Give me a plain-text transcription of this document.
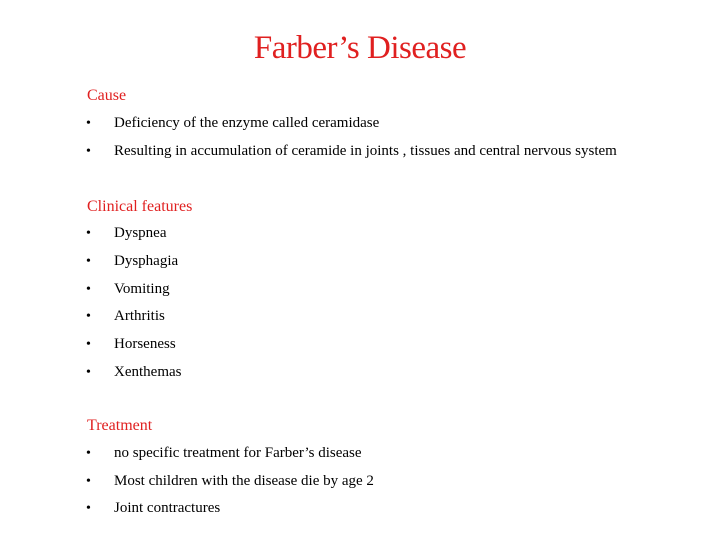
Farber’s Disease
Cause
•	Deficiency of the enzyme called ceramidase
•	Resulting in accumulation of ceramide in joints , tissues and central nervous system
Clinical features
•	Dyspnea
•	Dysphagia
•	Vomiting
•	Arthritis
•	Horseness
•	Xenthemas
Treatment
•	no specific treatment for Farber’s disease
•	Most children with the disease die by age 2
•	Joint contractures
